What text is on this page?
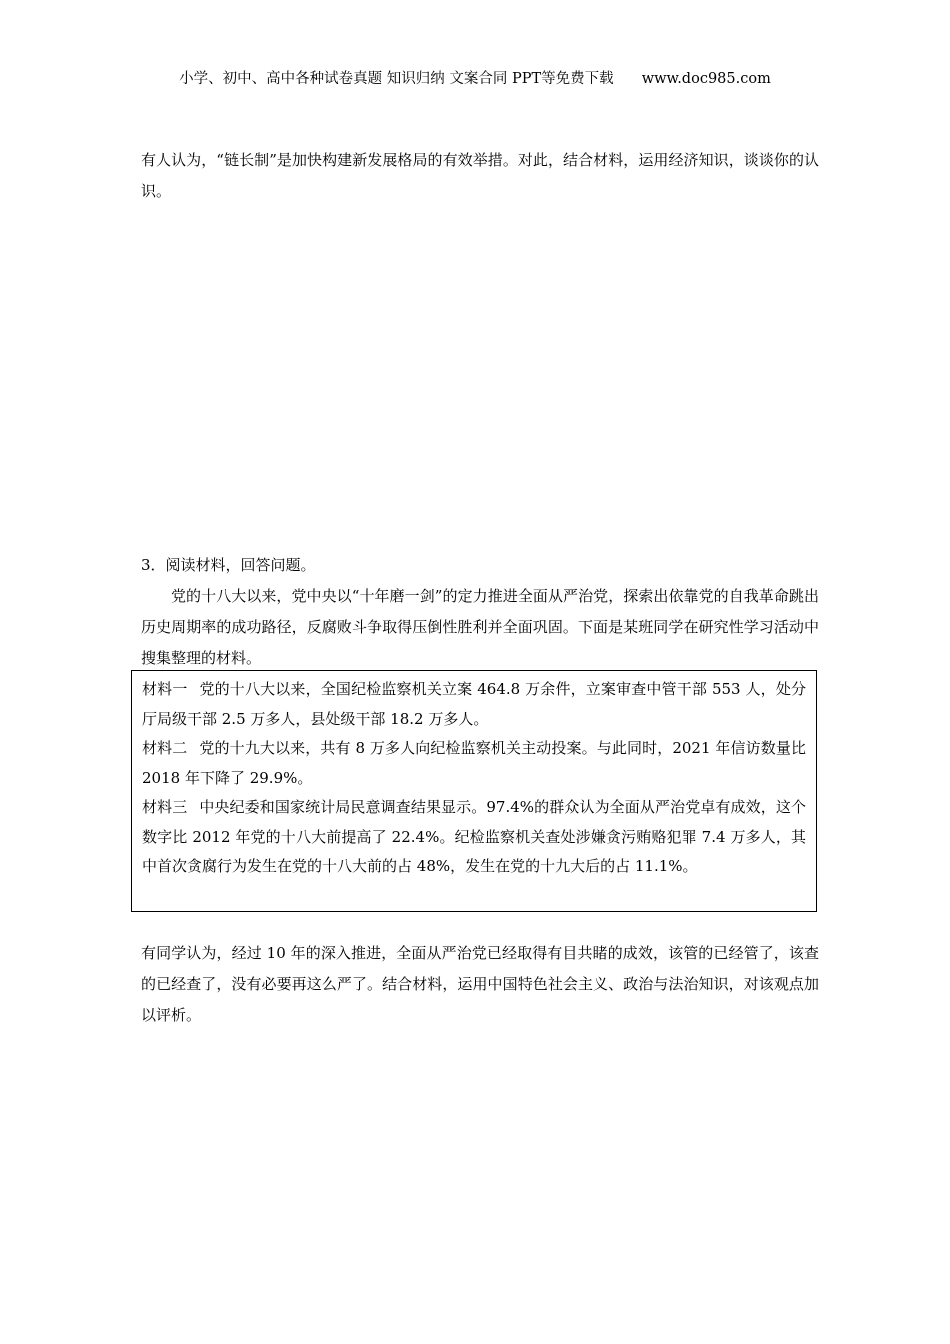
小学、初中、高中各种试卷真题 知识归纳 文案合同 PPT等免费下载 www.doc985.com

有人认为，“链长制”是加快构建新发展格局的有效举措。对此，结合材料，运用经济知识，谈谈你的认识。

3．阅读材料，回答问题。

党的十八大以来，党中央以“十年磨一剑”的定力推进全面从严治党，探索出依靠党的自我革命跳出历史周期率的成功路径，反腐败斗争取得压倒性胜利并全面巩固。下面是某班同学在研究性学习活动中搜集整理的材料。

材料一 党的十八大以来，全国纪检监察机关立案 464.8 万余件，立案审查中管干部 553 人，处分厅局级干部 2.5 万多人，县处级干部 18.2 万多人。

材料二 党的十九大以来，共有 8 万多人向纪检监察机关主动投案。与此同时，2021 年信访数量比 2018 年下降了 29.9%。

材料三 中央纪委和国家统计局民意调查结果显示。97.4%的群众认为全面从严治党卓有成效，这个数字比 2012 年党的十八大前提高了 22.4%。纪检监察机关查处涉嫌贪污贿赂犯罪 7.4 万多人，其中首次贪腐行为发生在党的十八大前的占 48%，发生在党的十九大后的占 11.1%。

有同学认为，经过 10 年的深入推进，全面从严治党已经取得有目共睹的成效，该管的已经管了，该查的已经查了，没有必要再这么严了。结合材料，运用中国特色社会主义、政治与法治知识，对该观点加以评析。
